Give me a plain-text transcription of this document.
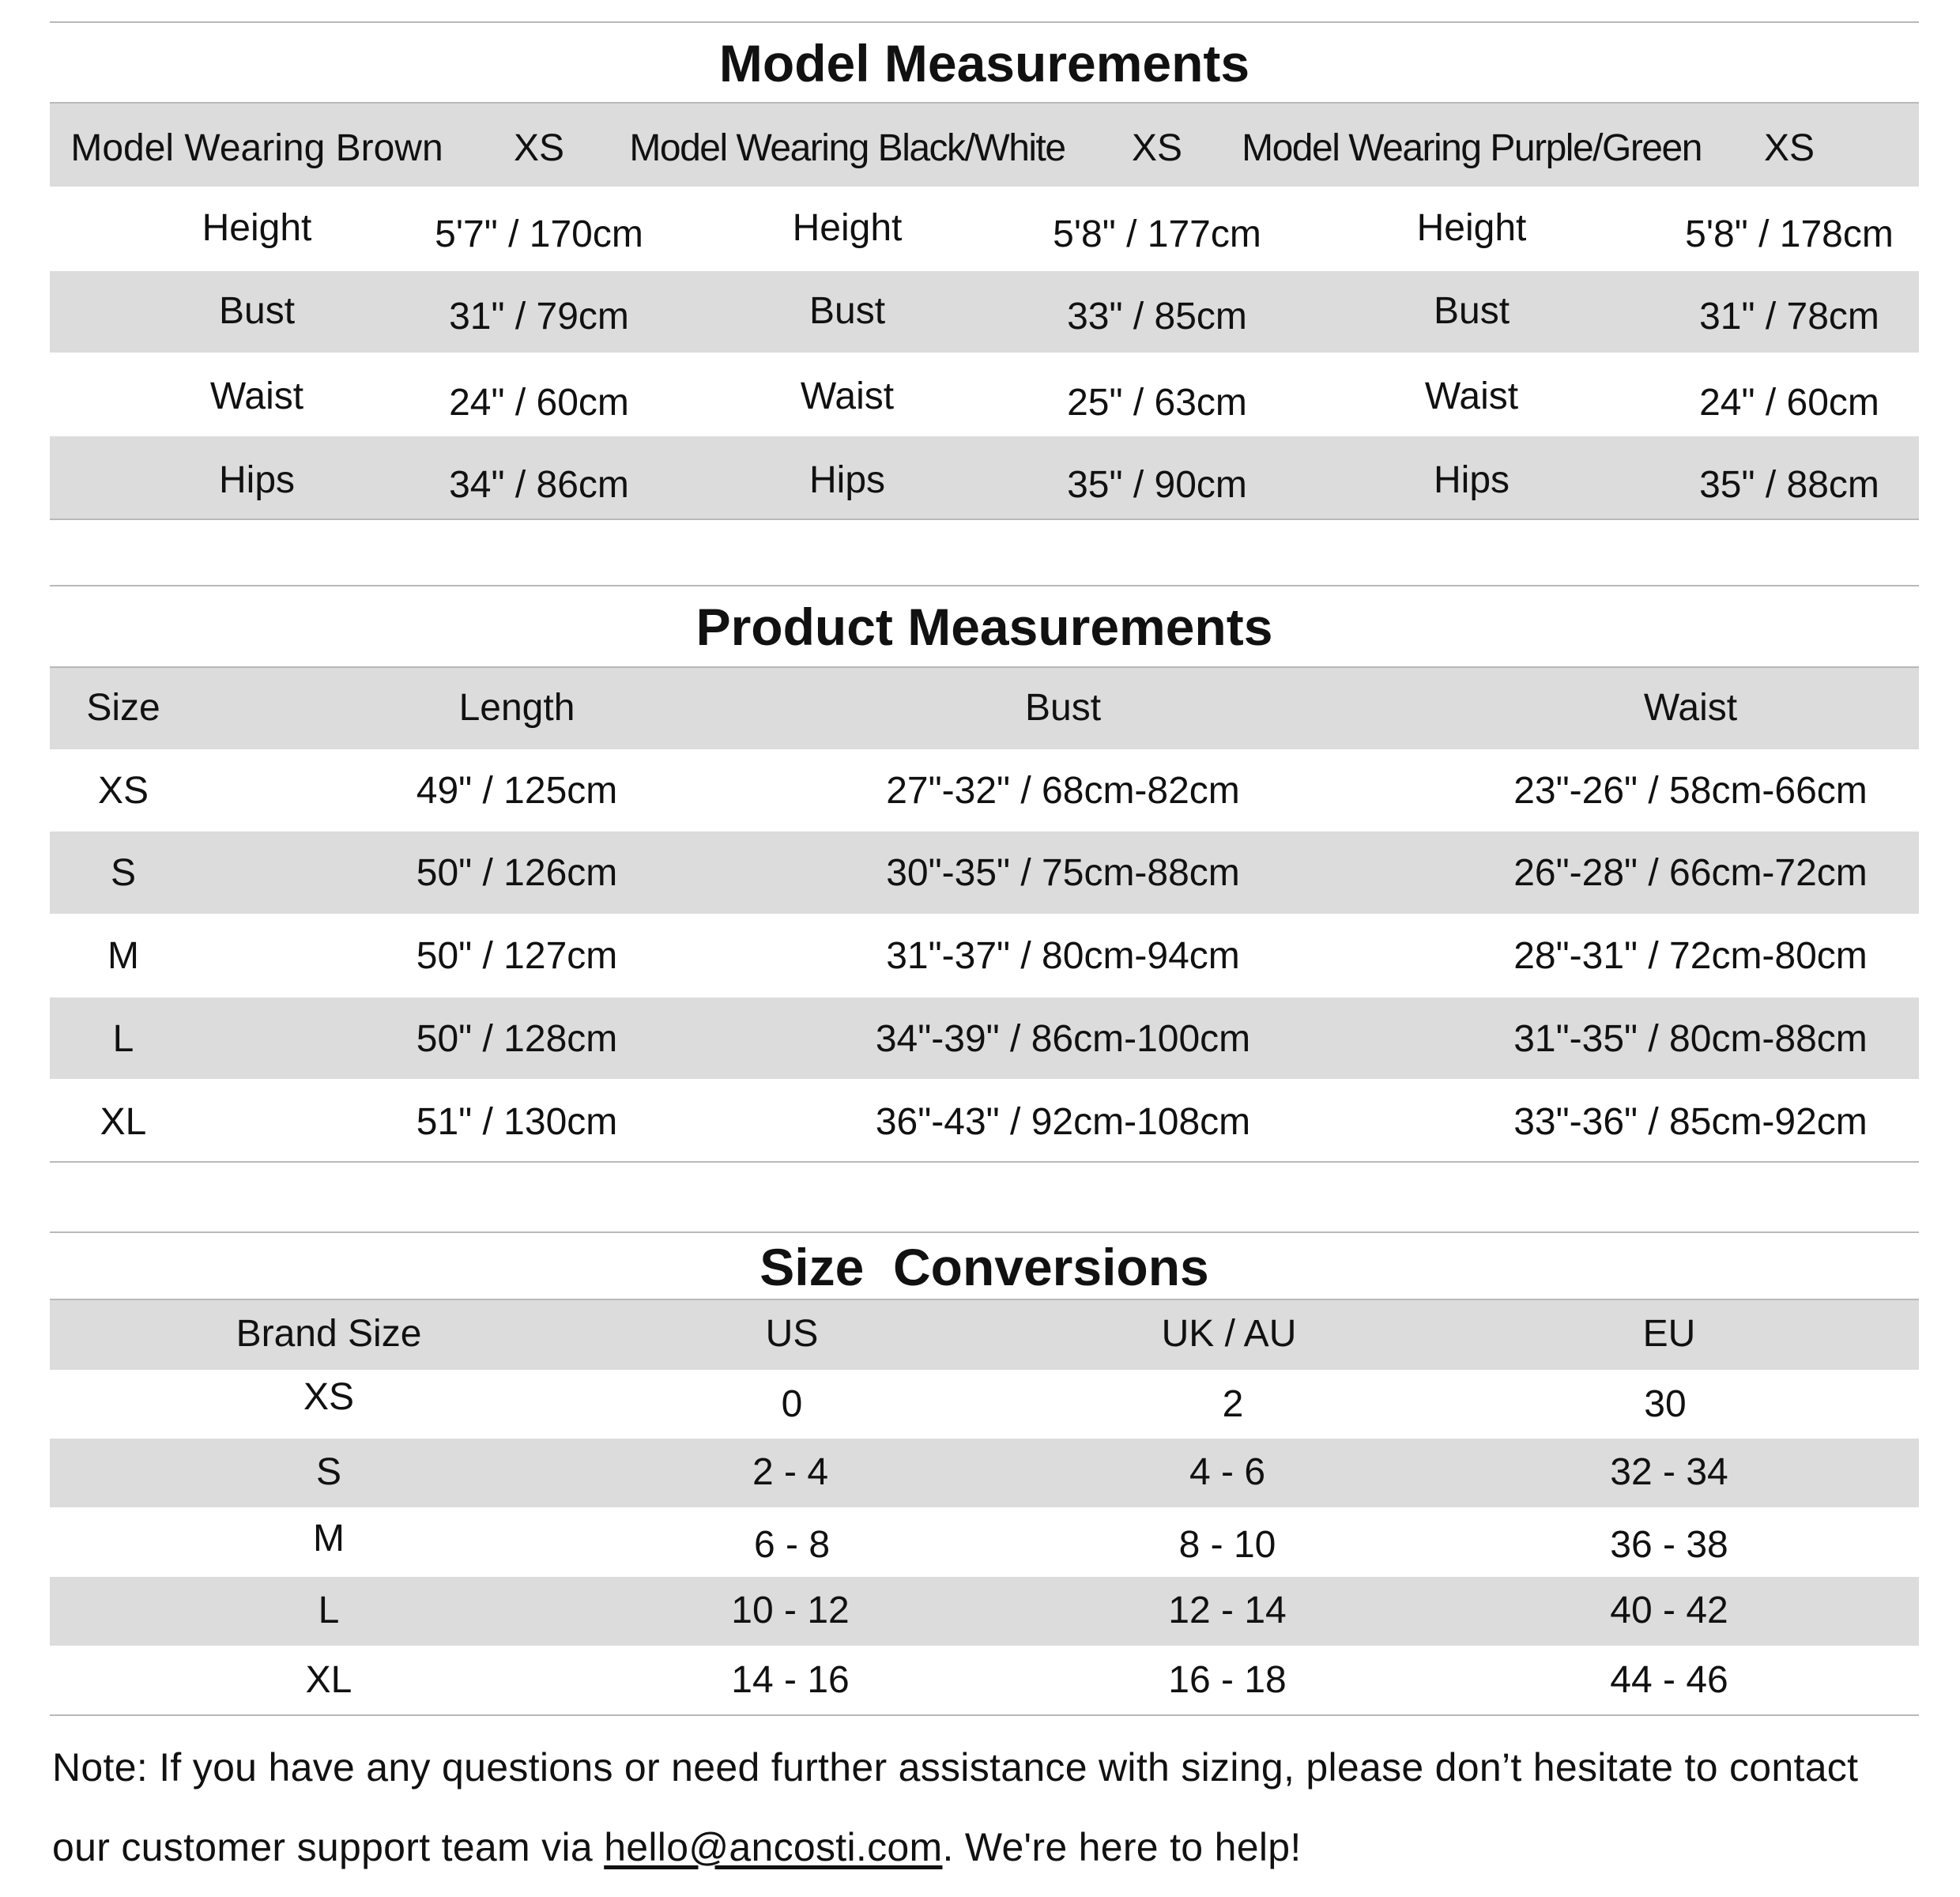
Model Measurements
Model Wearing Brown XS Model Wearing Black/White XS Model Wearing Purple/Green XS
Height	5'7" / 170cm	Height	5'8" / 177cm	Height	5'8" / 178cm
Bust	31" / 79cm	Bust	33" / 85cm	Bust	31" / 78cm
Waist	24" / 60cm	Waist	25" / 63cm	Waist	24" / 60cm
Hips	34" / 86cm	Hips	35" / 90cm	Hips	35" / 88cm
Product Measurements
Size	Length	Bust	Waist
XS	49" / 125cm	27"-32" / 68cm-82cm	23"-26" / 58cm-66cm
S	50" / 126cm	30"-35" / 75cm-88cm	26"-28" / 66cm-72cm
M	50" / 127cm	31"-37" / 80cm-94cm	28"-31" / 72cm-80cm
L	50" / 128cm	34"-39" / 86cm-100cm	31"-35" / 80cm-88cm
XL	51" / 130cm	36"-43" / 92cm-108cm	33"-36" / 85cm-92cm
Size  Conversions
Brand Size	US	UK / AU	EU
XS	0	2	30
S	2 - 4	4 - 6	32 - 34
M	6 - 8	8 - 10	36 - 38
L	10 - 12	12 - 14	40 - 42
XL	14 - 16	16 - 18	44 - 46
Note: If you have any questions or need further assistance with sizing, please don’t hesitate to contact
our customer support team via hello@ancosti.com. We're here to help!
